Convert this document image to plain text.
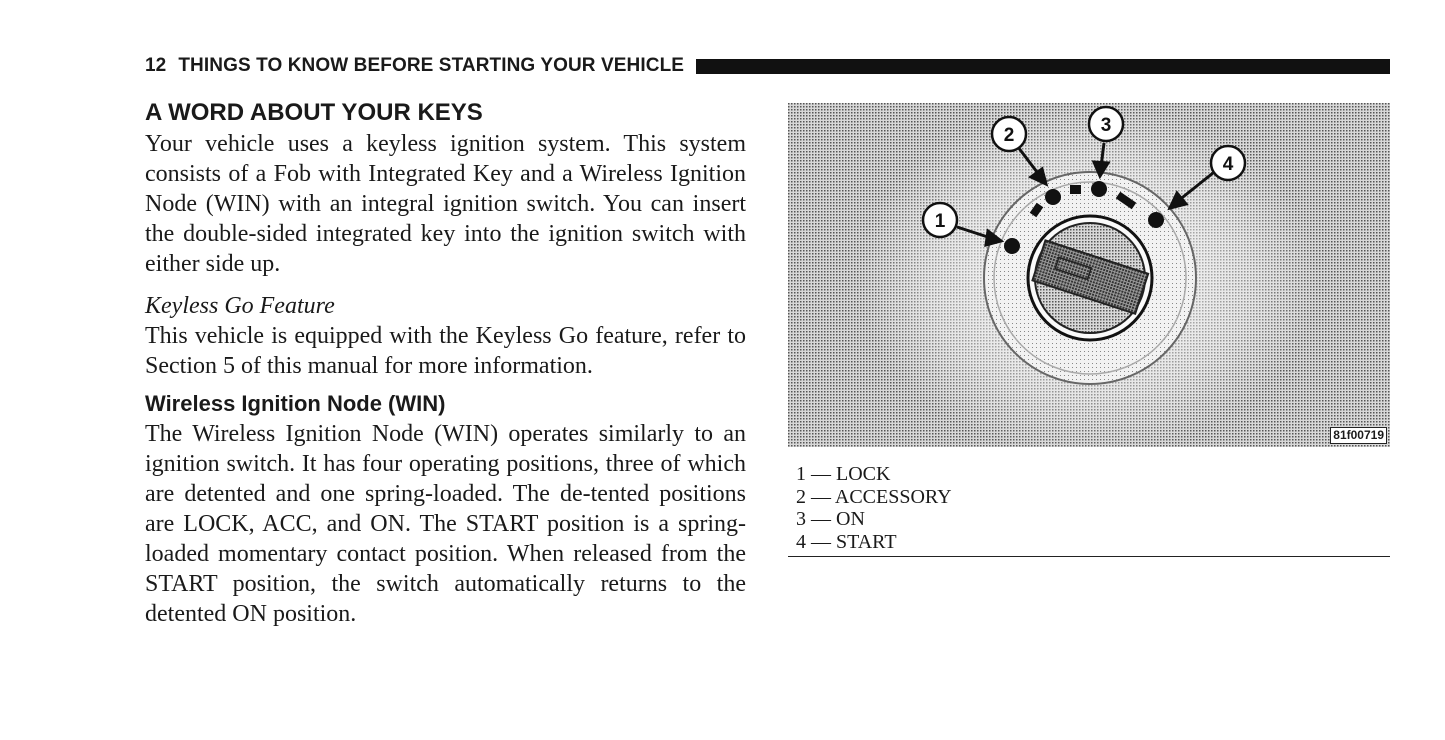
12 THINGS TO KNOW BEFORE STARTING YOUR VEHICLE
A WORD ABOUT YOUR KEYS

Your vehicle uses a keyless ignition system. This system consists of a Fob with Integrated Key and a Wireless Ignition Node (WIN) with an integral ignition switch. You can insert the double-sided integrated key into the ignition switch with either side up.

Keyless Go Feature

This vehicle is equipped with the Keyless Go feature, refer to Section 5 of this manual for more information.

Wireless Ignition Node (WIN)

The Wireless Ignition Node (WIN) operates similarly to an ignition switch. It has four operating positions, three of which are detented and one spring-loaded. The de-tented positions are LOCK, ACC, and ON. The START position is a spring-loaded momentary contact position. When released from the START position, the switch automatically returns to the detented ON position.

1
2	3
4
81f00719
1 — LOCK
2 — ACCESSORY
3 — ON
4 — START
